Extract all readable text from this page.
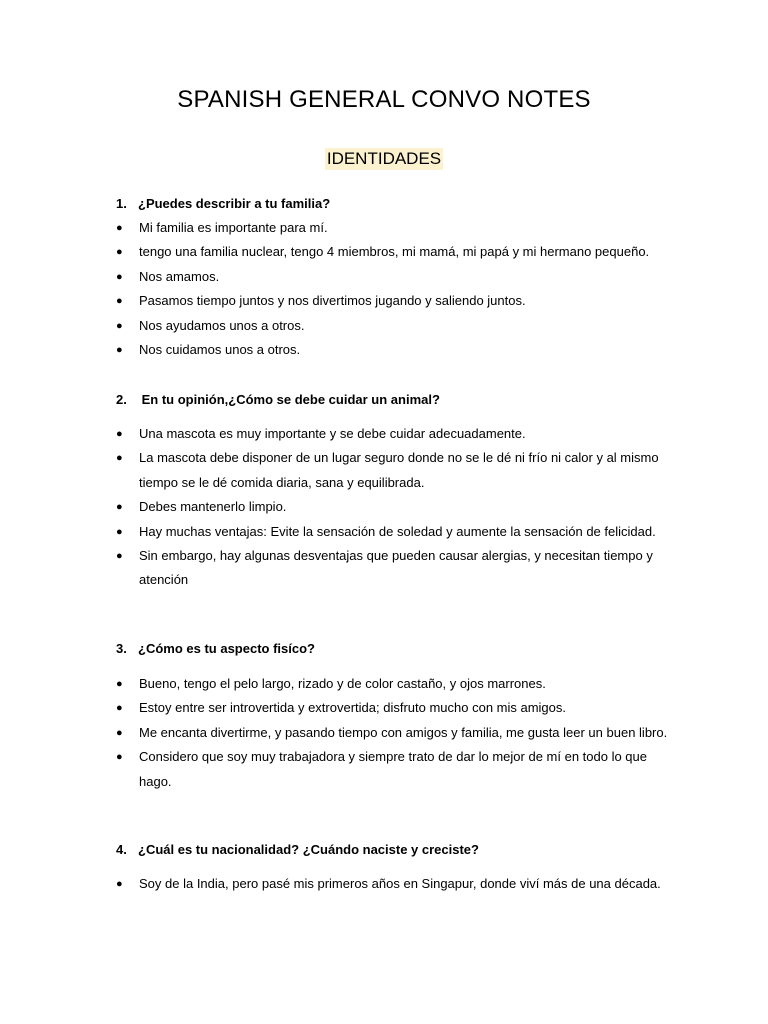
SPANISH GENERAL CONVO NOTES
IDENTIDADES
1. ¿Puedes describir a tu familia?
● Mi familia es importante para mí.
● tengo una familia nuclear, tengo 4 miembros, mi mamá, mi papá y mi hermano pequeño.
● Nos amamos.
● Pasamos tiempo juntos y nos divertimos jugando y saliendo juntos.
● Nos ayudamos unos a otros.
● Nos cuidamos unos a otros.
2. En tu opinión,¿Cómo se debe cuidar un animal?
● Una mascota es muy importante y se debe cuidar adecuadamente.
● La mascota debe disponer de un lugar seguro donde no se le dé ni frío ni calor y al mismo tiempo se le dé comida diaria, sana y equilibrada.
● Debes mantenerlo limpio.
● Hay muchas ventajas: Evite la sensación de soledad y aumente la sensación de felicidad.
● Sin embargo, hay algunas desventajas que pueden causar alergias, y necesitan tiempo y atención
3. ¿Cómo es tu aspecto fisíco?
● Bueno, tengo el pelo largo, rizado y de color castaño, y ojos marrones.
● Estoy entre ser introvertida y extrovertida; disfruto mucho con mis amigos.
● Me encanta divertirme, y pasando tiempo con amigos y familia, me gusta leer un buen libro.
● Considero que soy muy trabajadora y siempre trato de dar lo mejor de mí en todo lo que hago.
4. ¿Cuál es tu nacionalidad? ¿Cuándo naciste y creciste?
● Soy de la India, pero pasé mis primeros años en Singapur, donde viví más de una década.
